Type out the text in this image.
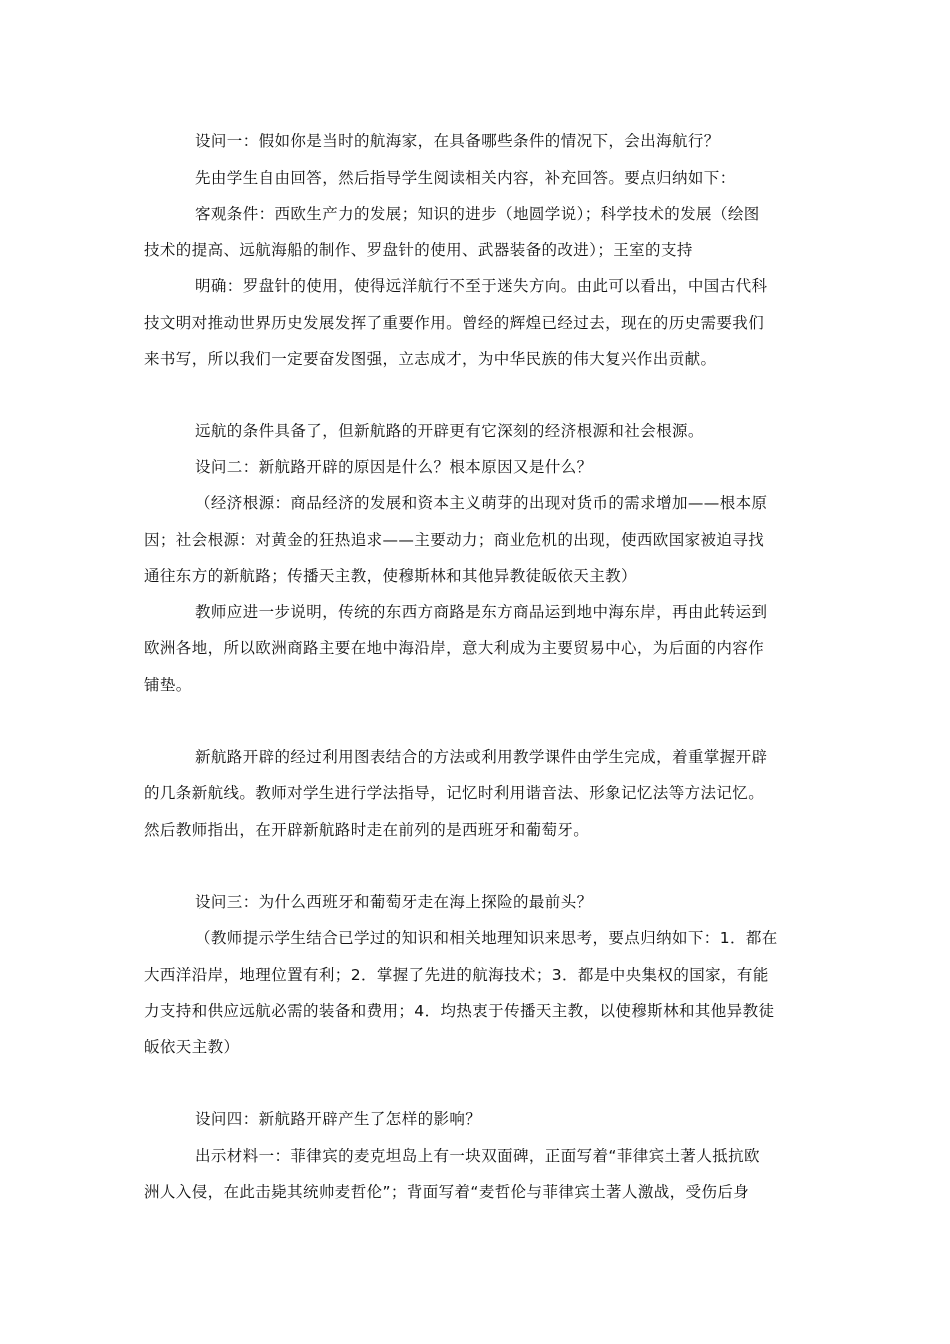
设问一：假如你是当时的航海家，在具备哪些条件的情况下，会出海航行？
先由学生自由回答，然后指导学生阅读相关内容，补充回答。要点归纳如下：
客观条件：西欧生产力的发展；知识的进步（地圆学说）；科学技术的发展（绘图
技术的提高、远航海船的制作、罗盘针的使用、武器装备的改进）；王室的支持
明确：罗盘针的使用，使得远洋航行不至于迷失方向。由此可以看出，中国古代科
技文明对推动世界历史发展发挥了重要作用。曾经的辉煌已经过去，现在的历史需要我们
来书写，所以我们一定要奋发图强，立志成才，为中华民族的伟大复兴作出贡献。
远航的条件具备了，但新航路的开辟更有它深刻的经济根源和社会根源。
设问二：新航路开辟的原因是什么？根本原因又是什么？
（经济根源：商品经济的发展和资本主义萌芽的出现对货币的需求增加——根本原
因；社会根源：对黄金的狂热追求——主要动力；商业危机的出现，使西欧国家被迫寻找
通往东方的新航路；传播天主教，使穆斯林和其他异教徒皈依天主教）
教师应进一步说明，传统的东西方商路是东方商品运到地中海东岸，再由此转运到
欧洲各地，所以欧洲商路主要在地中海沿岸，意大利成为主要贸易中心，为后面的内容作
铺垫。
新航路开辟的经过利用图表结合的方法或利用教学课件由学生完成，着重掌握开辟
的几条新航线。教师对学生进行学法指导，记忆时利用谐音法、形象记忆法等方法记忆。
然后教师指出，在开辟新航路时走在前列的是西班牙和葡萄牙。
设问三：为什么西班牙和葡萄牙走在海上探险的最前头？
（教师提示学生结合已学过的知识和相关地理知识来思考，要点归纳如下：1．都在
大西洋沿岸，地理位置有利；2．掌握了先进的航海技术；3．都是中央集权的国家，有能
力支持和供应远航必需的装备和费用；4．均热衷于传播天主教，以使穆斯林和其他异教徒
皈依天主教）
设问四：新航路开辟产生了怎样的影响？
出示材料一：菲律宾的麦克坦岛上有一块双面碑，正面写着“菲律宾土著人抵抗欧
洲人入侵，在此击毙其统帅麦哲伦”；背面写着“麦哲伦与菲律宾土著人激战，受伤后身
